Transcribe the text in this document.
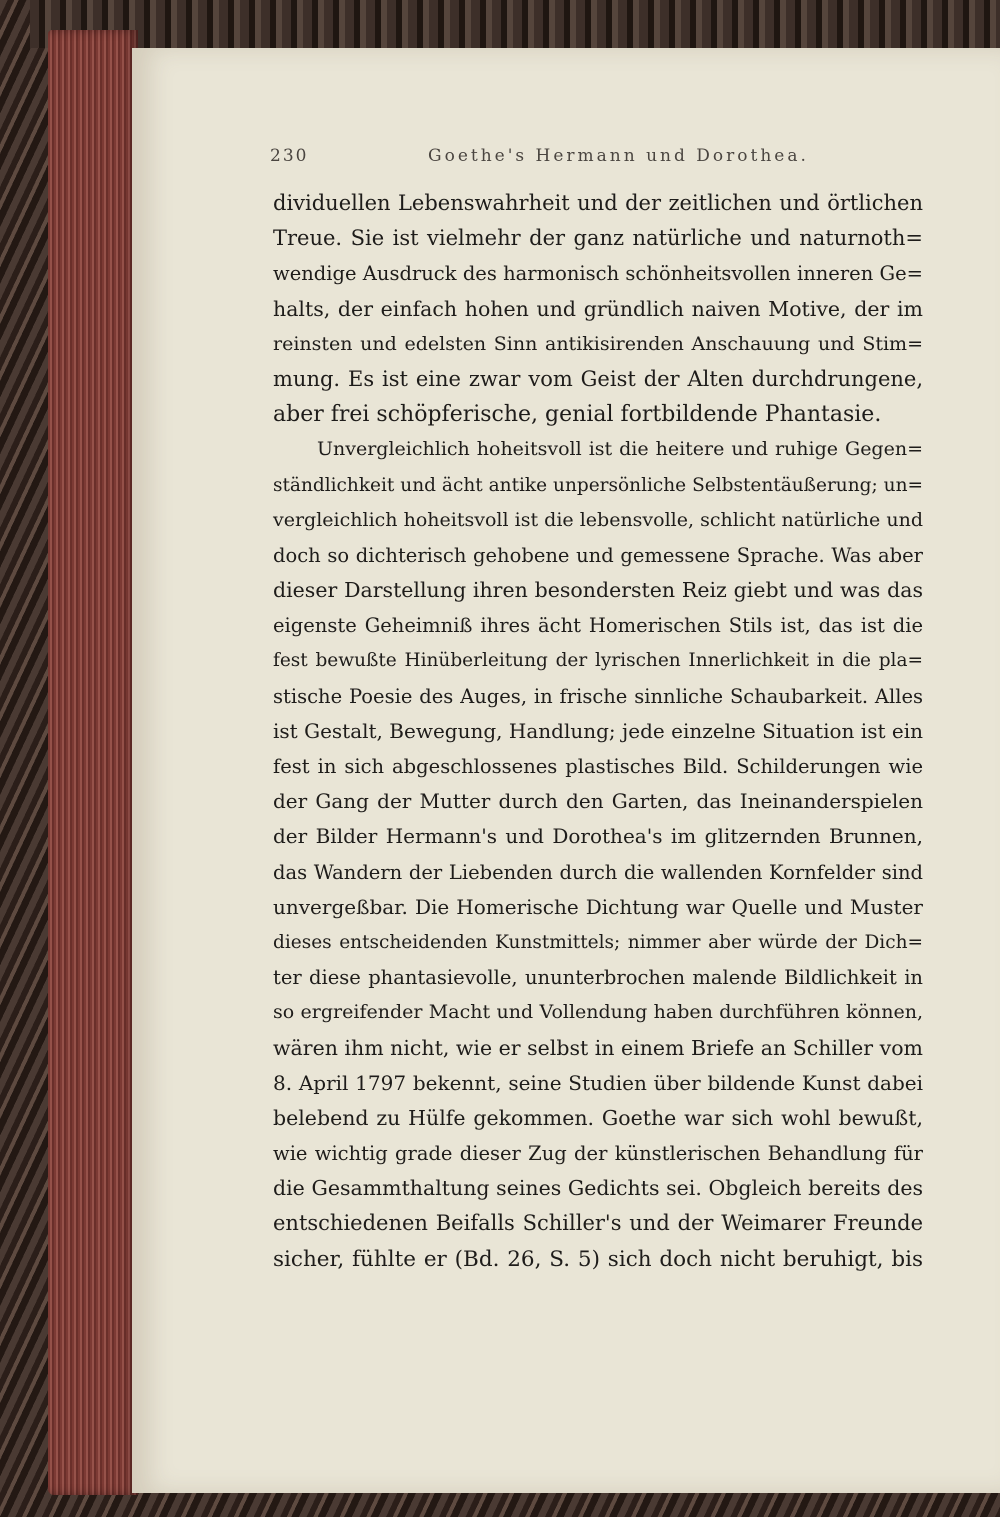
230	Goethe's Hermann und Dorothea.
dividuellen Lebenswahrheit und der zeitlichen und örtlichen
Treue. Sie ist vielmehr der ganz natürliche und naturnoth=
wendige Ausdruck des harmonisch schönheitsvollen inneren Ge=
halts, der einfach hohen und gründlich naiven Motive, der im
reinsten und edelsten Sinn antikisirenden Anschauung und Stim=
mung. Es ist eine zwar vom Geist der Alten durchdrungene,
aber frei schöpferische, genial fortbildende Phantasie.
Unvergleichlich hoheitsvoll ist die heitere und ruhige Gegen=
ständlichkeit und ächt antike unpersönliche Selbstentäußerung; un=
vergleichlich hoheitsvoll ist die lebensvolle, schlicht natürliche und
doch so dichterisch gehobene und gemessene Sprache. Was aber
dieser Darstellung ihren besondersten Reiz giebt und was das
eigenste Geheimniß ihres ächt Homerischen Stils ist, das ist die
fest bewußte Hinüberleitung der lyrischen Innerlichkeit in die pla=
stische Poesie des Auges, in frische sinnliche Schaubarkeit. Alles
ist Gestalt, Bewegung, Handlung; jede einzelne Situation ist ein
fest in sich abgeschlossenes plastisches Bild. Schilderungen wie
der Gang der Mutter durch den Garten, das Ineinanderspielen
der Bilder Hermann's und Dorothea's im glitzernden Brunnen,
das Wandern der Liebenden durch die wallenden Kornfelder sind
unvergeßbar. Die Homerische Dichtung war Quelle und Muster
dieses entscheidenden Kunstmittels; nimmer aber würde der Dich=
ter diese phantasievolle, ununterbrochen malende Bildlichkeit in
so ergreifender Macht und Vollendung haben durchführen können,
wären ihm nicht, wie er selbst in einem Briefe an Schiller vom
8. April 1797 bekennt, seine Studien über bildende Kunst dabei
belebend zu Hülfe gekommen. Goethe war sich wohl bewußt,
wie wichtig grade dieser Zug der künstlerischen Behandlung für
die Gesammthaltung seines Gedichts sei. Obgleich bereits des
entschiedenen Beifalls Schiller's und der Weimarer Freunde
sicher, fühlte er (Bd. 26, S. 5) sich doch nicht beruhigt, bis
